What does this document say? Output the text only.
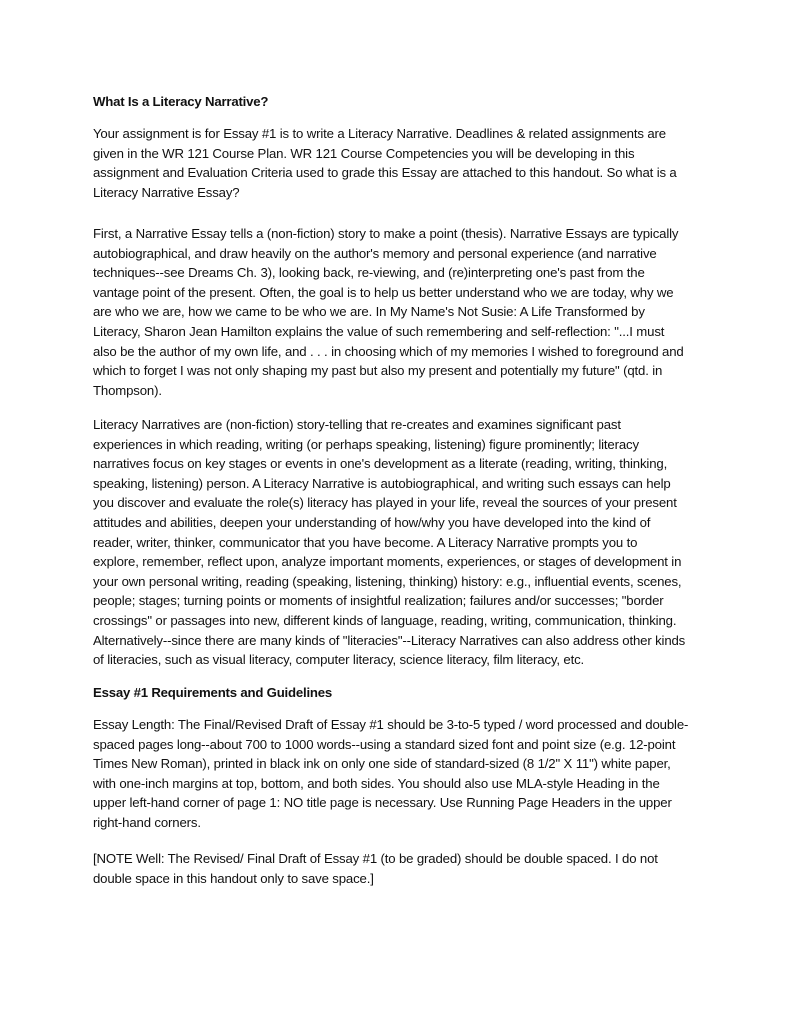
What Is a Literacy Narrative?
Your assignment is for Essay #1 is to write a Literacy Narrative. Deadlines & related assignments are
given in the WR 121 Course Plan. WR 121 Course Competencies you will be developing in this
assignment and Evaluation Criteria used to grade this Essay are attached to this handout. So what is a
Literacy Narrative Essay?
First, a Narrative Essay tells a (non-fiction) story to make a point (thesis). Narrative Essays are typically
autobiographical, and draw heavily on the author's memory and personal experience (and narrative
techniques--see Dreams Ch. 3), looking back, re-viewing, and (re)interpreting one's past from the
vantage point of the present. Often, the goal is to help us better understand who we are today, why we
are who we are, how we came to be who we are. In My Name's Not Susie: A Life Transformed by
Literacy, Sharon Jean Hamilton explains the value of such remembering and self-reflection: "...I must
also be the author of my own life, and . . . in choosing which of my memories I wished to foreground and
which to forget I was not only shaping my past but also my present and potentially my future" (qtd. in
Thompson).
Literacy Narratives are (non-fiction) story-telling that re-creates and examines significant past
experiences in which reading, writing (or perhaps speaking, listening) figure prominently; literacy
narratives focus on key stages or events in one's development as a literate (reading, writing, thinking,
speaking, listening) person. A Literacy Narrative is autobiographical, and writing such essays can help
you discover and evaluate the role(s) literacy has played in your life, reveal the sources of your present
attitudes and abilities, deepen your understanding of how/why you have developed into the kind of
reader, writer, thinker, communicator that you have become. A Literacy Narrative prompts you to
explore, remember, reflect upon, analyze important moments, experiences, or stages of development in
your own personal writing, reading (speaking, listening, thinking) history: e.g., influential events, scenes,
people; stages; turning points or moments of insightful realization; failures and/or successes; "border
crossings" or passages into new, different kinds of language, reading, writing, communication, thinking.
Alternatively--since there are many kinds of "literacies"--Literacy Narratives can also address other kinds
of literacies, such as visual literacy, computer literacy, science literacy, film literacy, etc.
Essay #1 Requirements and Guidelines
Essay Length: The Final/Revised Draft of Essay #1 should be 3-to-5 typed / word processed and double-
spaced pages long--about 700 to 1000 words--using a standard sized font and point size (e.g. 12-point
Times New Roman), printed in black ink on only one side of standard-sized (8 1/2" X 11") white paper,
with one-inch margins at top, bottom, and both sides. You should also use MLA-style Heading in the
upper left-hand corner of page 1: NO title page is necessary. Use Running Page Headers in the upper
right-hand corners.
[NOTE Well: The Revised/ Final Draft of Essay #1 (to be graded) should be double spaced. I do not
double space in this handout only to save space.]
